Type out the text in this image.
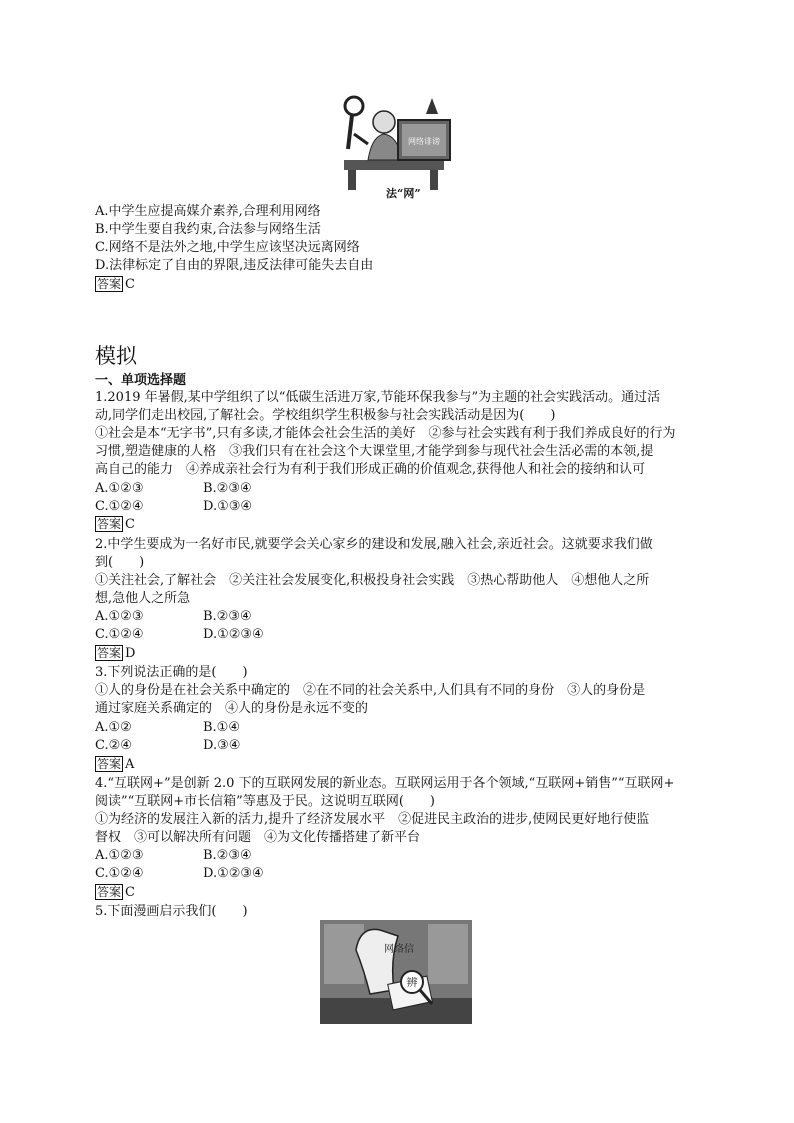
网络诽谤
法“网”
A.中学生应提高媒介素养,合理利用网络
B.中学生要自我约束,合法参与网络生活
C.网络不是法外之地,中学生应该坚决远离网络
D.法律标定了自由的界限,违反法律可能失去自由
答案 C
模拟
一、单项选择题
1.2019 年暑假,某中学组织了以“低碳生活进万家,节能环保我参与”为主题的社会实践活动。通过活
动,同学们走出校园,了解社会。学校组织学生积极参与社会实践活动是因为(　　)
①社会是本“无字书”,只有多读,才能体会社会生活的美好　②参与社会实践有利于我们养成良好的行为
习惯,塑造健康的人格　③我们只有在社会这个大课堂里,才能学到参与现代社会生活必需的本领,提
高自己的能力　④养成亲社会行为有利于我们形成正确的价值观念,获得他人和社会的接纳和认可
A.①②③	B.②③④
C.①②④	D.①③④
答案 C
2.中学生要成为一名好市民,就要学会关心家乡的建设和发展,融入社会,亲近社会。这就要求我们做
到(　　)
①关注社会,了解社会　②关注社会发展变化,积极投身社会实践　③热心帮助他人　④想他人之所
想,急他人之所急
A.①②③	B.②③④
C.①②④	D.①②③④
答案 D
3.下列说法正确的是(　　)
①人的身份是在社会关系中确定的　②在不同的社会关系中,人们具有不同的身份　③人的身份是
通过家庭关系确定的　④人的身份是永远不变的
A.①②	B.①④
C.②④	D.③④
答案 A
4.“互联网+”是创新 2.0 下的互联网发展的新业态。互联网运用于各个领域,“互联网+销售”“互联网+
阅读”“互联网+市长信箱”等惠及于民。这说明互联网(　　)
①为经济的发展注入新的活力,提升了经济发展水平　②促进民主政治的进步,使网民更好地行使监
督权　③可以解决所有问题　④为文化传播搭建了新平台
A.①②③	B.②③④
C.①②④	D.①②③④
答案 C
5.下面漫画启示我们(　　)
网络信
辨
